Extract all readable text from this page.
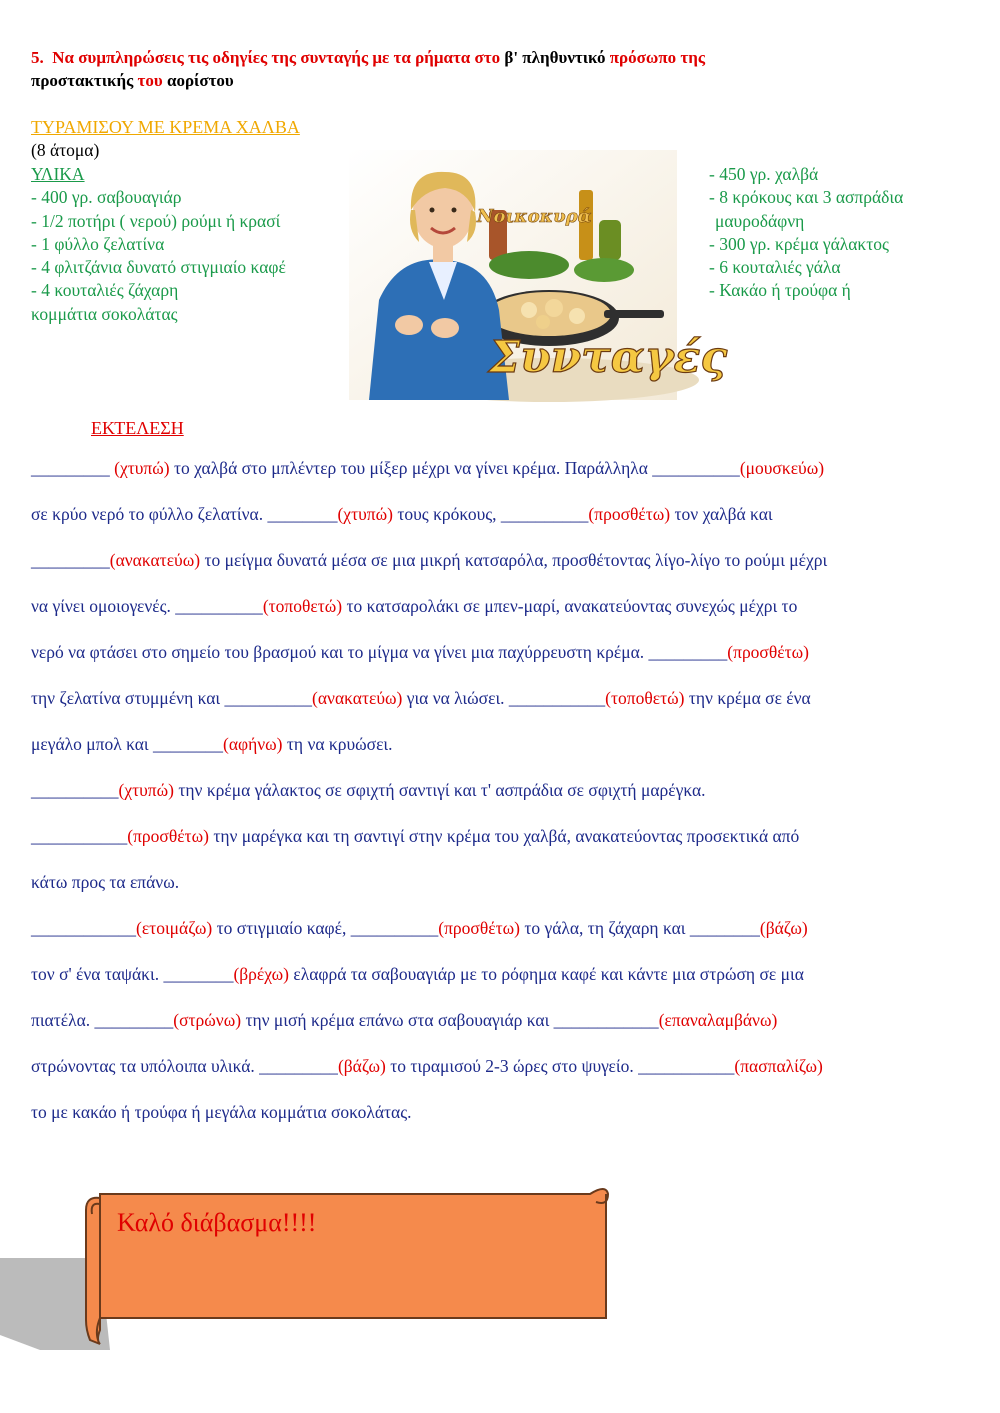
5. Να συμπληρώσεις τις οδηγίες της συνταγής με τα ρήματα στο β' πληθυντικό πρόσωπο της
προστακτικής του αορίστου
ΤΥΡΑΜΙΣΟΥ ΜΕ ΚΡΕΜΑ ΧΑΛΒΑ
(8 άτομα)
ΥΛΙΚΑ
- 400 γρ. σαβουαγιάρ
- 1/2 ποτήρι ( νερού) ρούμι ή κρασί
- 1 φύλλο ζελατίνα
- 4 φλιτζάνια δυνατό στιγμιαίο καφέ
- 4 κουταλιές ζάχαρη
κομμάτια σοκολάτας
- 450 γρ. χαλβά
- 8 κρόκους και 3 ασπράδια
μαυροδάφνη
- 300 γρ. κρέμα γάλακτος
- 6 κουταλιές γάλα
- Κακάο ή τρούφα ή
Νοικοκυρά
Συνταγές
ΕΚΤΕΛΕΣΗ
_________ (χτυπώ) το χαλβά στο μπλέντερ του μίξερ μέχρι να γίνει κρέμα. Παράλληλα __________(μουσκεύω)
σε κρύο νερό το φύλλο ζελατίνα. ________(χτυπώ) τους κρόκους, __________(προσθέτω) τον χαλβά και
_________(ανακατεύω) το μείγμα δυνατά μέσα σε μια μικρή κατσαρόλα, προσθέτοντας λίγο-λίγο το ρούμι μέχρι
να γίνει ομοιογενές. __________(τοποθετώ) το κατσαρολάκι σε μπεν-μαρί, ανακατεύοντας συνεχώς μέχρι το
νερό να φτάσει στο σημείο του βρασμού και το μίγμα να γίνει μια παχύρρευστη κρέμα. _________(προσθέτω)
την ζελατίνα στυμμένη και __________(ανακατεύω) για να λιώσει. ___________(τοποθετώ) την κρέμα σε ένα
μεγάλο μπολ και ________(αφήνω) τη να κρυώσει.
__________(χτυπώ) την κρέμα γάλακτος σε σφιχτή σαντιγί και τ' ασπράδια σε σφιχτή μαρέγκα.
___________(προσθέτω) την μαρέγκα και τη σαντιγί στην κρέμα του χαλβά, ανακατεύοντας προσεκτικά από
κάτω προς τα επάνω.
____________(ετοιμάζω) το στιγμιαίο καφέ, __________(προσθέτω) το γάλα, τη ζάχαρη και ________(βάζω)
τον σ' ένα ταψάκι. ________(βρέχω) ελαφρά τα σαβουαγιάρ με το ρόφημα καφέ και κάντε μια στρώση σε μια
πιατέλα. _________(στρώνω) την μισή κρέμα επάνω στα σαβουαγιάρ και ____________(επαναλαμβάνω)
στρώνοντας τα υπόλοιπα υλικά. _________(βάζω) το τιραμισού 2-3 ώρες στο ψυγείο. ___________(πασπαλίζω)
το με κακάο ή τρούφα ή μεγάλα κομμάτια σοκολάτας.
Καλό διάβασμα!!!!
